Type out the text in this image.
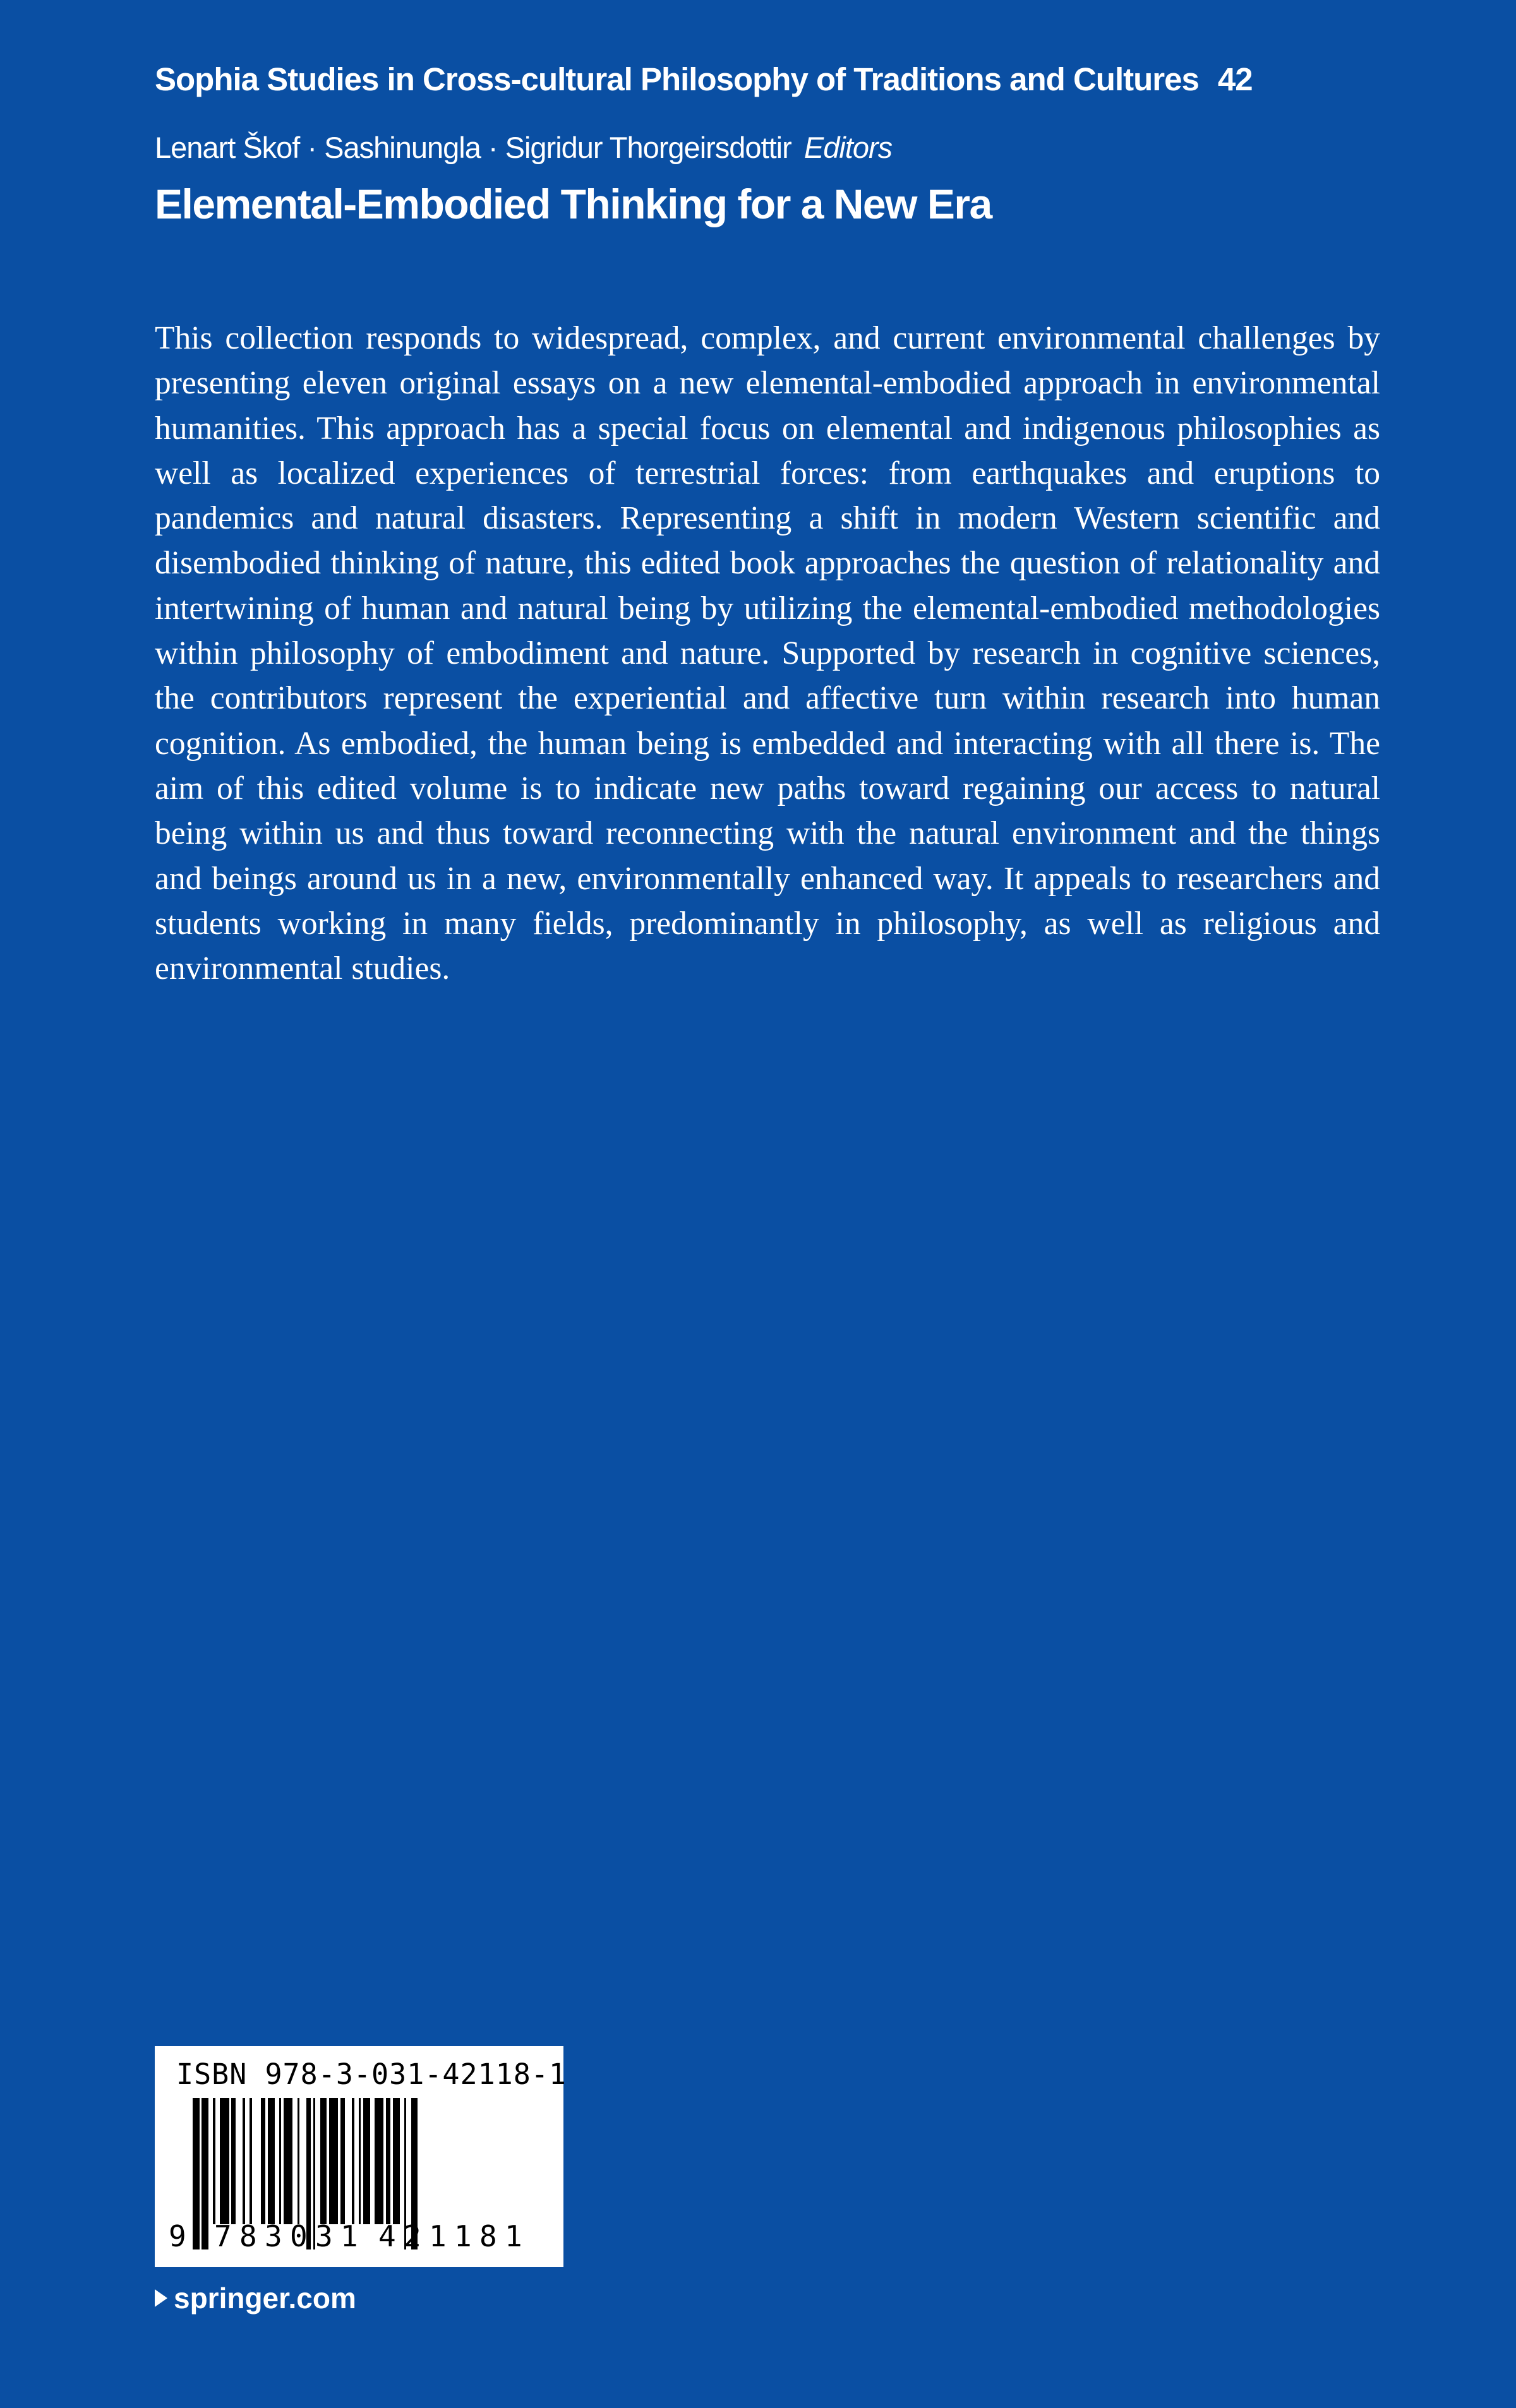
Sophia Studies in Cross-cultural Philosophy of Traditions and Cultures 42
Lenart Škof · Sashinungla · Sigridur Thorgeirsdottir Editors
Elemental-Embodied Thinking for a New Era

This collection responds to widespread, complex, and current environmental challenges by presenting eleven original essays on a new elemental-embodied approach in environmental humanities. This approach has a special focus on elemental and indigenous philosophies as well as localized experiences of terrestrial forces: from earthquakes and eruptions to pandemics and natural disasters. Representing a shift in modern Western scientific and disembodied thinking of nature, this edited book approaches the question of relationality and intertwining of human and natural being by utilizing the elemental-embodied methodologies within philosophy of embodiment and nature. Supported by research in cognitive sciences, the contributors represent the experiential and affective turn within research into human cognition. As embodied, the human being is embedded and interacting with all there is. The aim of this edited volume is to indicate new paths toward regaining our access to natural being within us and thus toward reconnecting with the natural environment and the things and beings around us in a new, environmentally enhanced way. It appeals to researchers and students working in many fields, predominantly in philosophy, as well as religious and environmental studies.

ISBN 978-3-031-42118-1
9 7 8 3 0 3 1 4 2 1 1 8 1
springer.com
